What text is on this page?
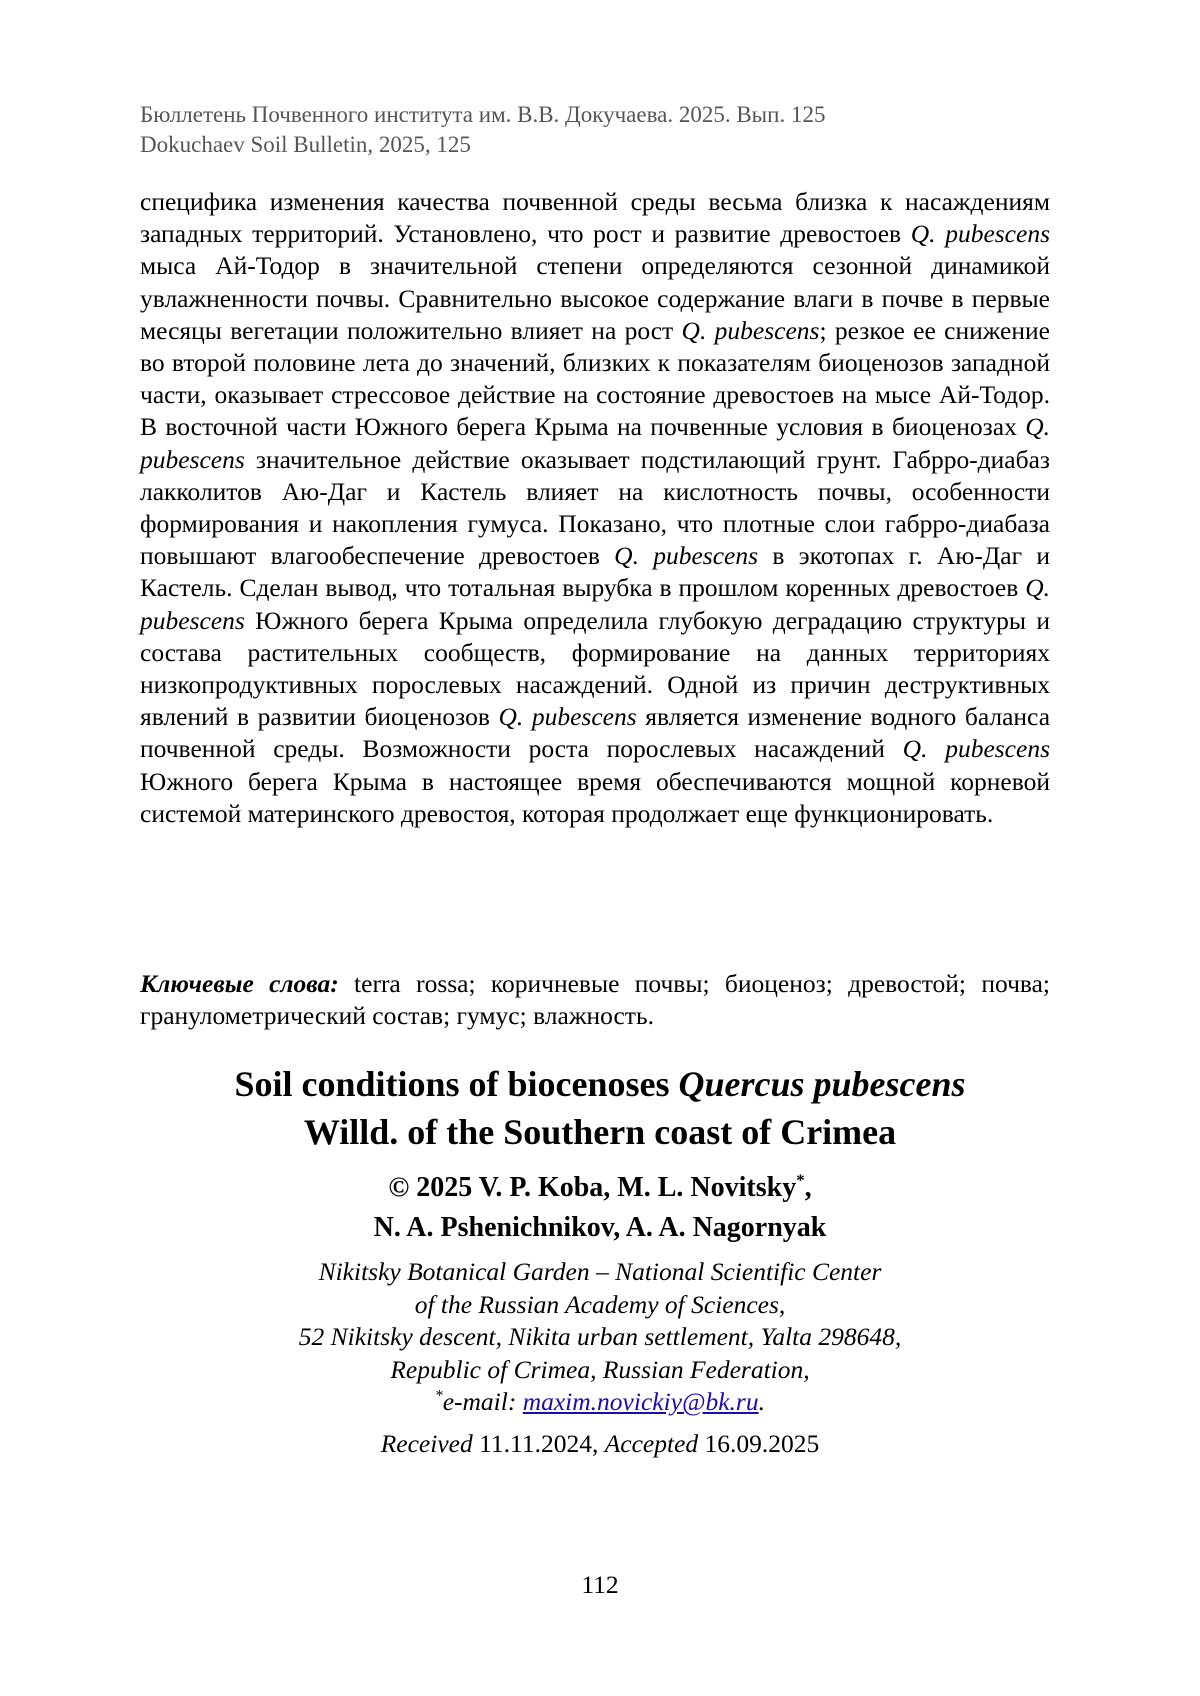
Бюллетень Почвенного института им. В.В. Докучаева. 2025. Вып. 125
Dokuchaev Soil Bulletin, 2025, 125

специфика изменения качества почвенной среды весьма близка к насаждениям западных территорий. Установлено, что рост и развитие древостоев Q. pubescens мыса Ай-Тодор в значительной степени определяются сезонной динамикой увлажненности почвы. Сравнительно высокое содержание влаги в почве в первые месяцы вегетации положительно влияет на рост Q. pubescens; резкое ее снижение во второй половине лета до значений, близких к показателям биоценозов западной части, оказывает стрессовое действие на состояние древостоев на мысе Ай-Тодор. В восточной части Южного берега Крыма на почвенные условия в биоценозах Q. pubescens значительное действие оказывает подстилающий грунт. Габрро-диабаз лакколитов Аю-Даг и Кастель влияет на кислотность почвы, особенности формирования и накопления гумуса. Показано, что плотные слои габрро-диабаза повышают влагообеспечение древостоев Q. pubescens в экотопах г. Аю-Даг и Кастель. Сделан вывод, что тотальная вырубка в прошлом коренных древостоев Q. pubescens Южного берега Крыма определила глубокую деградацию структуры и состава растительных сообществ, формирование на данных территориях низкопродуктивных порослевых насаждений. Одной из причин деструктивных явлений в развитии биоценозов Q. pubescens является изменение водного баланса почвенной среды. Возможности роста порослевых насаждений Q. pubescens Южного берега Крыма в настоящее время обеспечиваются мощной корневой системой материнского древостоя, которая продолжает еще функционировать.

Ключевые слова: terra rossa; коричневые почвы; биоценоз; древостой; почва; гранулометрический состав; гумус; влажность.
Soil conditions of biocenoses Quercus pubescens
Willd. of the Southern coast of Crimea
© 2025 V. P. Koba, M. L. Novitsky*,
N. A. Pshenichnikov, A. A. Nagornyak
Nikitsky Botanical Garden – National Scientific Center
of the Russian Academy of Sciences,
52 Nikitsky descent, Nikita urban settlement, Yalta 298648,
Republic of Crimea, Russian Federation,
*e-mail: maxim.novickiy@bk.ru.
Received 11.11.2024, Accepted 16.09.2025
112
